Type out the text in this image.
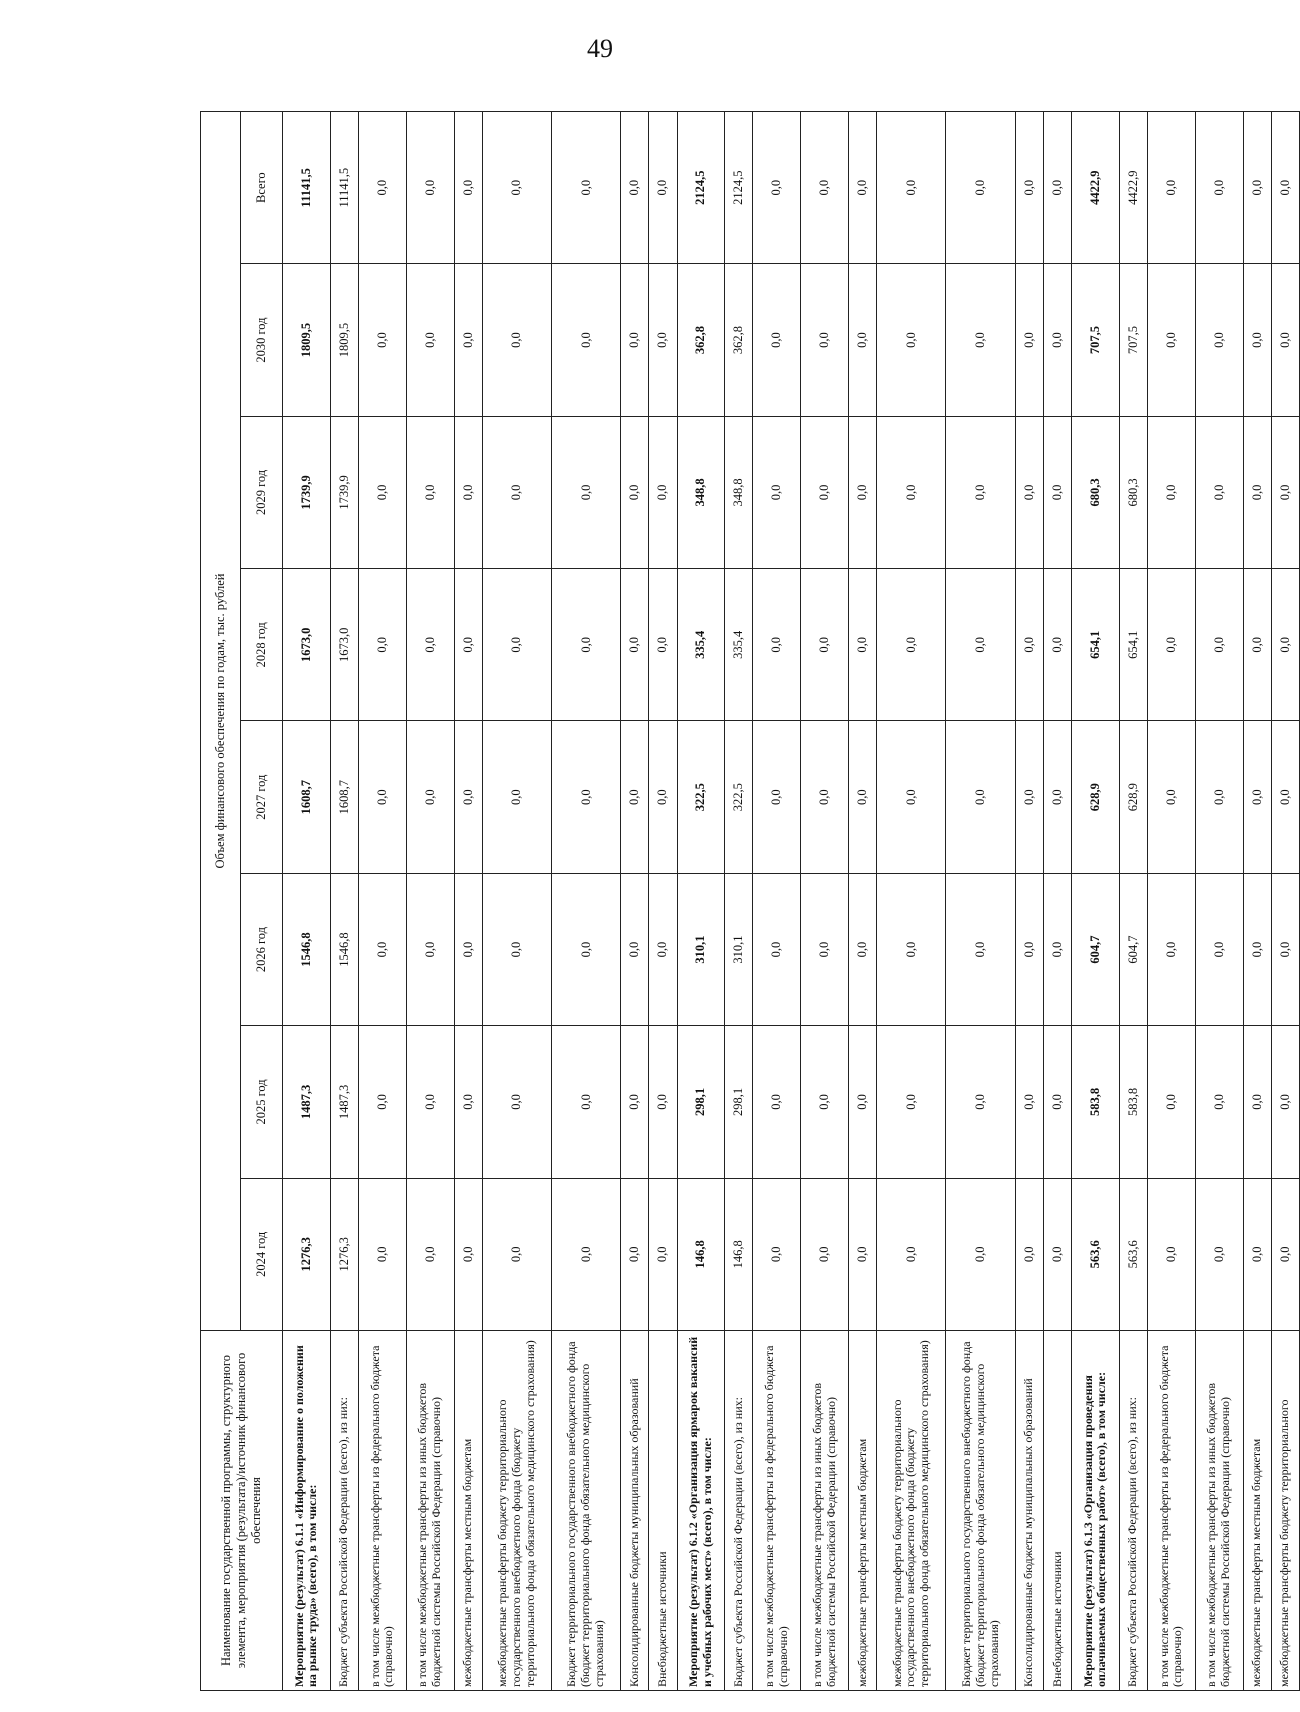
49
Наименование государственной программы, структурного элемента, мероприятия (результата)/источник финансового обеспечения	Объем финансового обеспечения по годам, тыс. рублей							
	2024 год	2025 год	2026 год	2027 год	2028 год	2029 год	2030 год	Всего
Мероприятие (результат) 6.1.1 «Информирование о положении на рынке труда» (всего), в том числе:	1276,3	1487,3	1546,8	1608,7	1673,0	1739,9	1809,5	11141,5
Бюджет субъекта Российской Федерации (всего), из них:	1276,3	1487,3	1546,8	1608,7	1673,0	1739,9	1809,5	11141,5
в том числе межбюджетные трансферты из федерального бюджета (справочно)	0,0	0,0	0,0	0,0	0,0	0,0	0,0	0,0
в том числе межбюджетные трансферты из иных бюджетов бюджетной системы Российской Федерации (справочно)	0,0	0,0	0,0	0,0	0,0	0,0	0,0	0,0
межбюджетные трансферты местным бюджетам	0,0	0,0	0,0	0,0	0,0	0,0	0,0	0,0
межбюджетные трансферты бюджету территориального государственного внебюджетного фонда (бюджету территориального фонда обязательного медицинского страхования)	0,0	0,0	0,0	0,0	0,0	0,0	0,0	0,0
Бюджет территориального государственного внебюджетного фонда (бюджет территориального фонда обязательного медицинского страхования)	0,0	0,0	0,0	0,0	0,0	0,0	0,0	0,0
Консолидированные бюджеты муниципальных образований	0,0	0,0	0,0	0,0	0,0	0,0	0,0	0,0
Внебюджетные источники	0,0	0,0	0,0	0,0	0,0	0,0	0,0	0,0
Мероприятие (результат) 6.1.2 «Организация ярмарок вакансий и учебных рабочих мест» (всего), в том числе:	146,8	298,1	310,1	322,5	335,4	348,8	362,8	2124,5
Бюджет субъекта Российской Федерации (всего), из них:	146,8	298,1	310,1	322,5	335,4	348,8	362,8	2124,5
в том числе межбюджетные трансферты из федерального бюджета (справочно)	0,0	0,0	0,0	0,0	0,0	0,0	0,0	0,0
в том числе межбюджетные трансферты из иных бюджетов бюджетной системы Российской Федерации (справочно)	0,0	0,0	0,0	0,0	0,0	0,0	0,0	0,0
межбюджетные трансферты местным бюджетам	0,0	0,0	0,0	0,0	0,0	0,0	0,0	0,0
межбюджетные трансферты бюджету территориального государственного внебюджетного фонда (бюджету территориального фонда обязательного медицинского страхования)	0,0	0,0	0,0	0,0	0,0	0,0	0,0	0,0
Бюджет территориального государственного внебюджетного фонда (бюджет территориального фонда обязательного медицинского страхования)	0,0	0,0	0,0	0,0	0,0	0,0	0,0	0,0
Консолидированные бюджеты муниципальных образований	0,0	0,0	0,0	0,0	0,0	0,0	0,0	0,0
Внебюджетные источники	0,0	0,0	0,0	0,0	0,0	0,0	0,0	0,0
Мероприятие (результат) 6.1.3 «Организация проведения оплачиваемых общественных работ» (всего), в том числе:	563,6	583,8	604,7	628,9	654,1	680,3	707,5	4422,9
Бюджет субъекта Российской Федерации (всего), из них:	563,6	583,8	604,7	628,9	654,1	680,3	707,5	4422,9
в том числе межбюджетные трансферты из федерального бюджета (справочно)	0,0	0,0	0,0	0,0	0,0	0,0	0,0	0,0
в том числе межбюджетные трансферты из иных бюджетов бюджетной системы Российской Федерации (справочно)	0,0	0,0	0,0	0,0	0,0	0,0	0,0	0,0
межбюджетные трансферты местным бюджетам	0,0	0,0	0,0	0,0	0,0	0,0	0,0	0,0
межбюджетные трансферты бюджету территориального	0,0	0,0	0,0	0,0	0,0	0,0	0,0	0,0
